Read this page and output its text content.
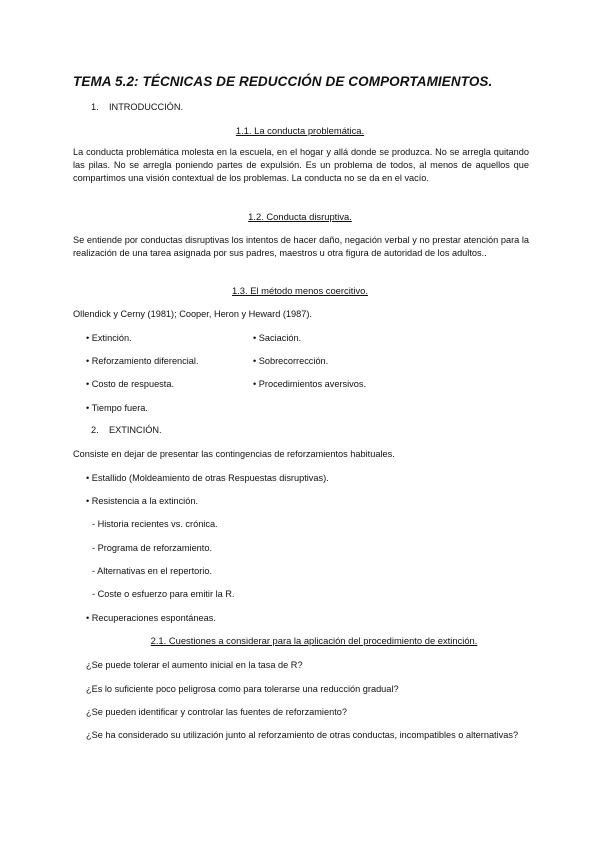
TEMA 5.2: TÉCNICAS DE REDUCCIÓN DE COMPORTAMIENTOS.
1. INTRODUCCIÓN.
1.1. La conducta problemática.
La conducta problemática molesta en la escuela, en el hogar y allá donde se produzca. No se arregla quitando las pilas. No se arregla poniendo partes de expulsión. Es un problema de todos, al menos de aquellos que compartimos una visión contextual de los problemas. La conducta no se da en el vacío.
1.2. Conducta disruptiva.
Se entiende por conductas disruptivas los intentos de hacer daño, negación verbal y no prestar atención para la realización de una tarea asignada por sus padres, maestros u otra figura de autoridad de los adultos..
1.3. El método menos coercitivo.
Ollendick y Cerny (1981); Cooper, Heron y Heward (1987).
• Extinción.
• Reforzamiento diferencial.
• Costo de respuesta.
• Tiempo fuera.
• Saciación.
• Sobrecorrección.
• Procedimientos aversivos.
2. EXTINCIÓN.
Consiste en dejar de presentar las contingencias de reforzamientos habituales.
• Estallido (Moldeamiento de otras Respuestas disruptivas).
• Resistencia a la extinción.
- Historia recientes vs. crónica.
- Programa de reforzamiento.
- Alternativas en el repertorio.
- Coste o esfuerzo para emitir la R.
• Recuperaciones espontáneas.
2.1. Cuestiones a considerar para la aplicación del procedimiento de extinción.
¿Se puede tolerar el aumento inicial en la tasa de R?
¿Es lo suficiente poco peligrosa como para tolerarse una reducción gradual?
¿Se pueden identificar y controlar las fuentes de reforzamiento?
¿Se ha considerado su utilización junto al reforzamiento de otras conductas, incompatibles o alternativas?
